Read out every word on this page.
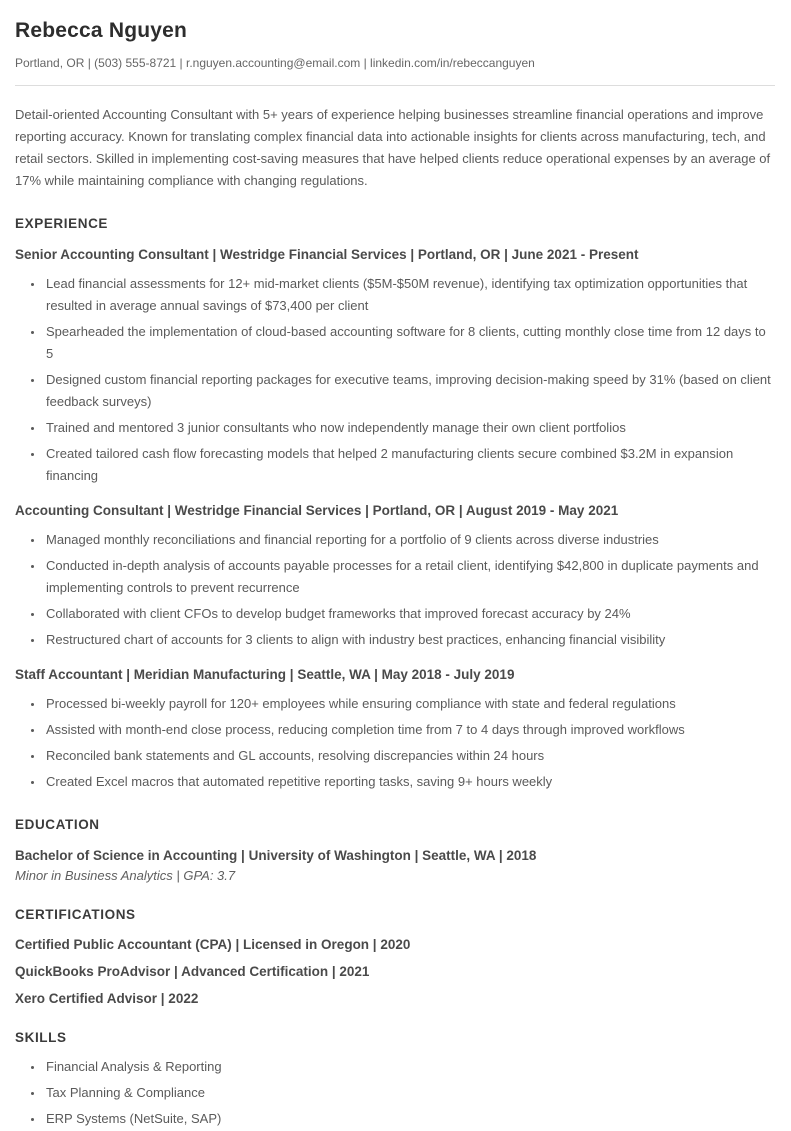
Rebecca Nguyen

Portland, OR | (503) 555-8721 | r.nguyen.accounting@email.com | linkedin.com/in/rebeccanguyen

Detail-oriented Accounting Consultant with 5+ years of experience helping businesses streamline financial operations and improve reporting accuracy. Known for translating complex financial data into actionable insights for clients across manufacturing, tech, and retail sectors. Skilled in implementing cost-saving measures that have helped clients reduce operational expenses by an average of 17% while maintaining compliance with changing regulations.

EXPERIENCE
Senior Accounting Consultant | Westridge Financial Services | Portland, OR | June 2021 - Present
• Lead financial assessments for 12+ mid-market clients ($5M-$50M revenue), identifying tax optimization opportunities that resulted in average annual savings of $73,400 per client
• Spearheaded the implementation of cloud-based accounting software for 8 clients, cutting monthly close time from 12 days to 5
• Designed custom financial reporting packages for executive teams, improving decision-making speed by 31% (based on client feedback surveys)
• Trained and mentored 3 junior consultants who now independently manage their own client portfolios
• Created tailored cash flow forecasting models that helped 2 manufacturing clients secure combined $3.2M in expansion financing
Accounting Consultant | Westridge Financial Services | Portland, OR | August 2019 - May 2021
• Managed monthly reconciliations and financial reporting for a portfolio of 9 clients across diverse industries
• Conducted in-depth analysis of accounts payable processes for a retail client, identifying $42,800 in duplicate payments and implementing controls to prevent recurrence
• Collaborated with client CFOs to develop budget frameworks that improved forecast accuracy by 24%
• Restructured chart of accounts for 3 clients to align with industry best practices, enhancing financial visibility
Staff Accountant | Meridian Manufacturing | Seattle, WA | May 2018 - July 2019
• Processed bi-weekly payroll for 120+ employees while ensuring compliance with state and federal regulations
• Assisted with month-end close process, reducing completion time from 7 to 4 days through improved workflows
• Reconciled bank statements and GL accounts, resolving discrepancies within 24 hours
• Created Excel macros that automated repetitive reporting tasks, saving 9+ hours weekly
EDUCATION
Bachelor of Science in Accounting | University of Washington | Seattle, WA | 2018

Minor in Business Analytics | GPA: 3.7

CERTIFICATIONS

Certified Public Accountant (CPA) | Licensed in Oregon | 2020

QuickBooks ProAdvisor | Advanced Certification | 2021

Xero Certified Advisor | 2022

SKILLS
• Financial Analysis & Reporting
• Tax Planning & Compliance
• ERP Systems (NetSuite, SAP)
